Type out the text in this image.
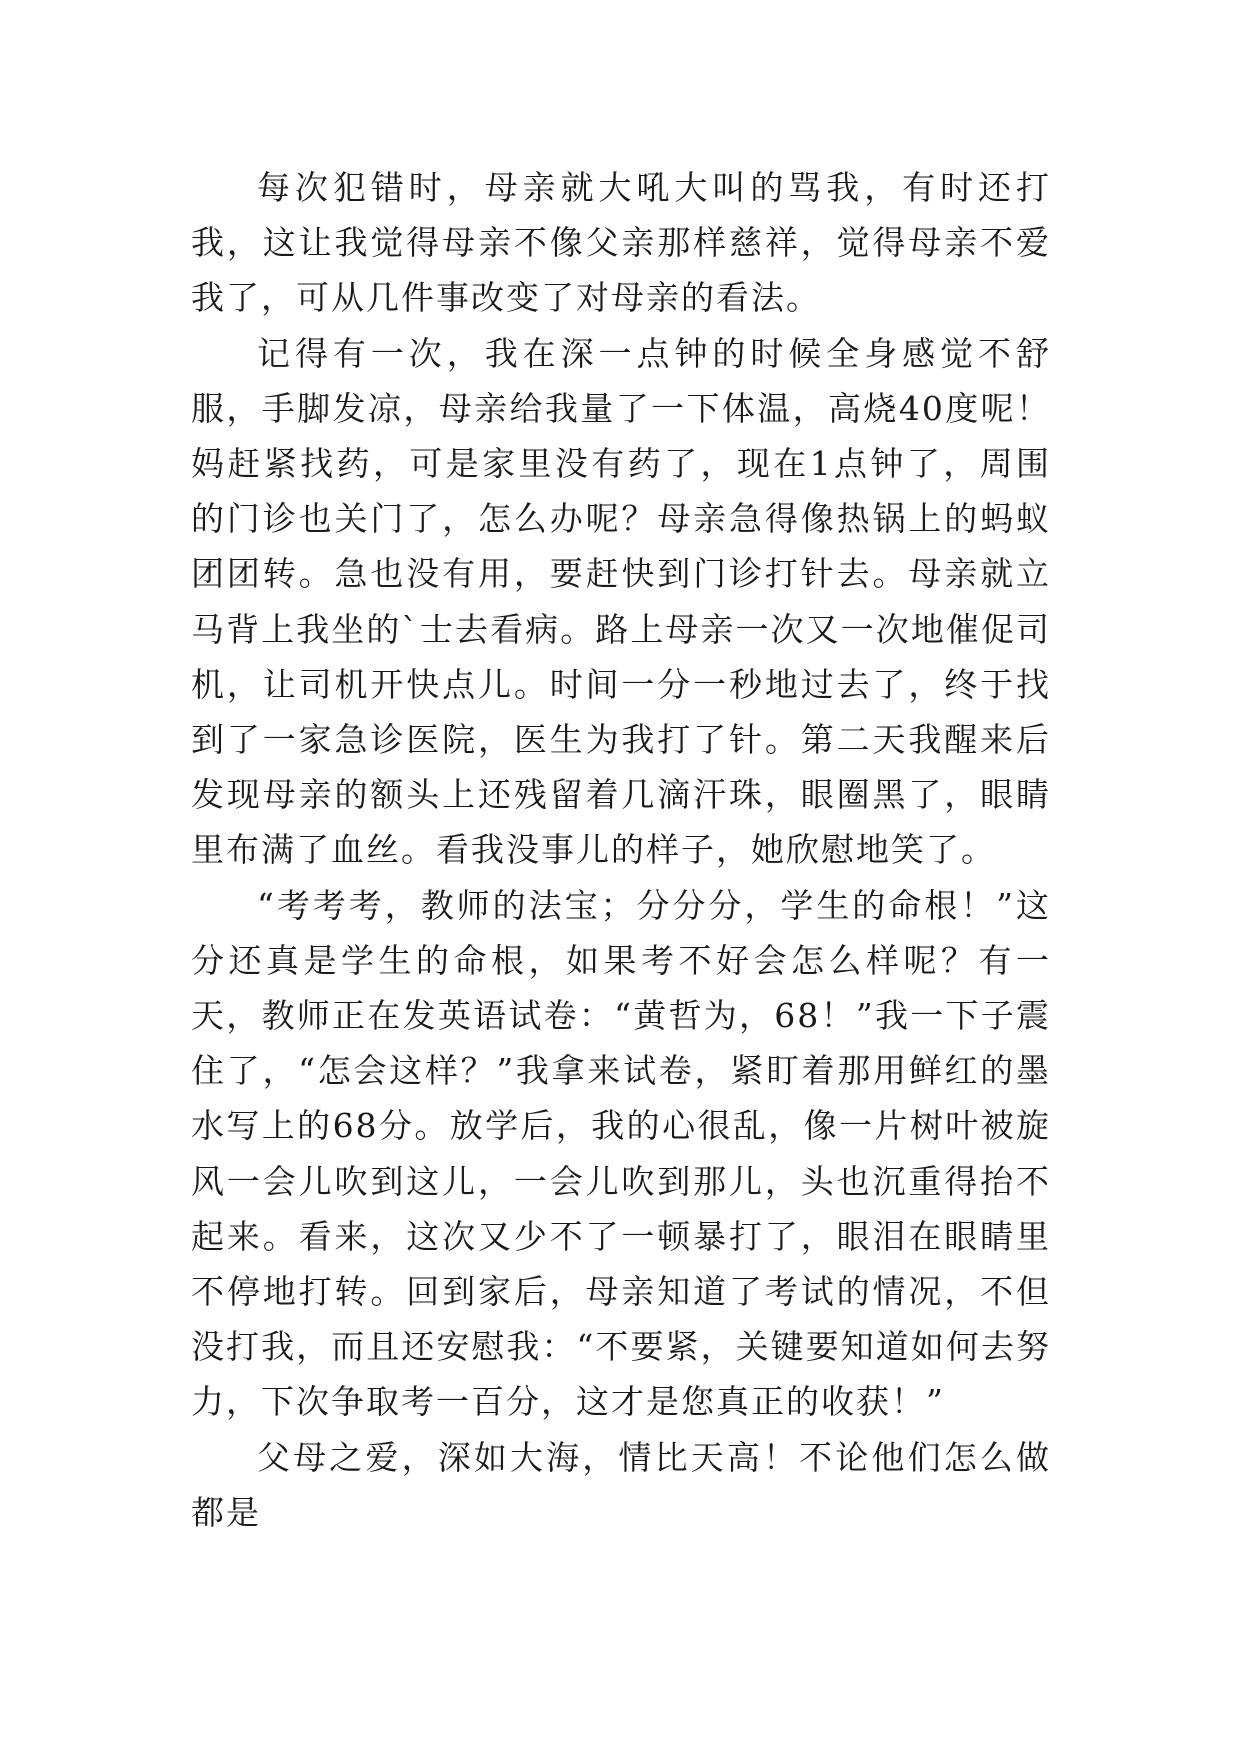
每次犯错时，母亲就大吼大叫的骂我，有时还打我，这让我觉得母亲不像父亲那样慈祥，觉得母亲不爱我了，可从几件事改变了对母亲的看法。

记得有一次，我在深一点钟的时候全身感觉不舒服，手脚发凉，母亲给我量了一下体温，高烧40度呢！妈赶紧找药，可是家里没有药了，现在1点钟了，周围的门诊也关门了，怎么办呢？母亲急得像热锅上的蚂蚁团团转。急也没有用，要赶快到门诊打针去。母亲就立马背上我坐的`士去看病。路上母亲一次又一次地催促司机，让司机开快点儿。时间一分一秒地过去了，终于找到了一家急诊医院，医生为我打了针。第二天我醒来后发现母亲的额头上还残留着几滴汗珠，眼圈黑了，眼睛里布满了血丝。看我没事儿的样子，她欣慰地笑了。

“考考考，教师的法宝；分分分，学生的命根！”这分还真是学生的命根，如果考不好会怎么样呢？有一天，教师正在发英语试卷：“黄哲为，68！”我一下子震住了，“怎会这样？”我拿来试卷，紧盯着那用鲜红的墨水写上的68分。放学后，我的心很乱，像一片树叶被旋风一会儿吹到这儿，一会儿吹到那儿，头也沉重得抬不起来。看来，这次又少不了一顿暴打了，眼泪在眼睛里不停地打转。回到家后，母亲知道了考试的情况，不但没打我，而且还安慰我：“不要紧，关键要知道如何去努力，下次争取考一百分，这才是您真正的收获！”

父母之爱，深如大海，情比天高！不论他们怎么做都是
